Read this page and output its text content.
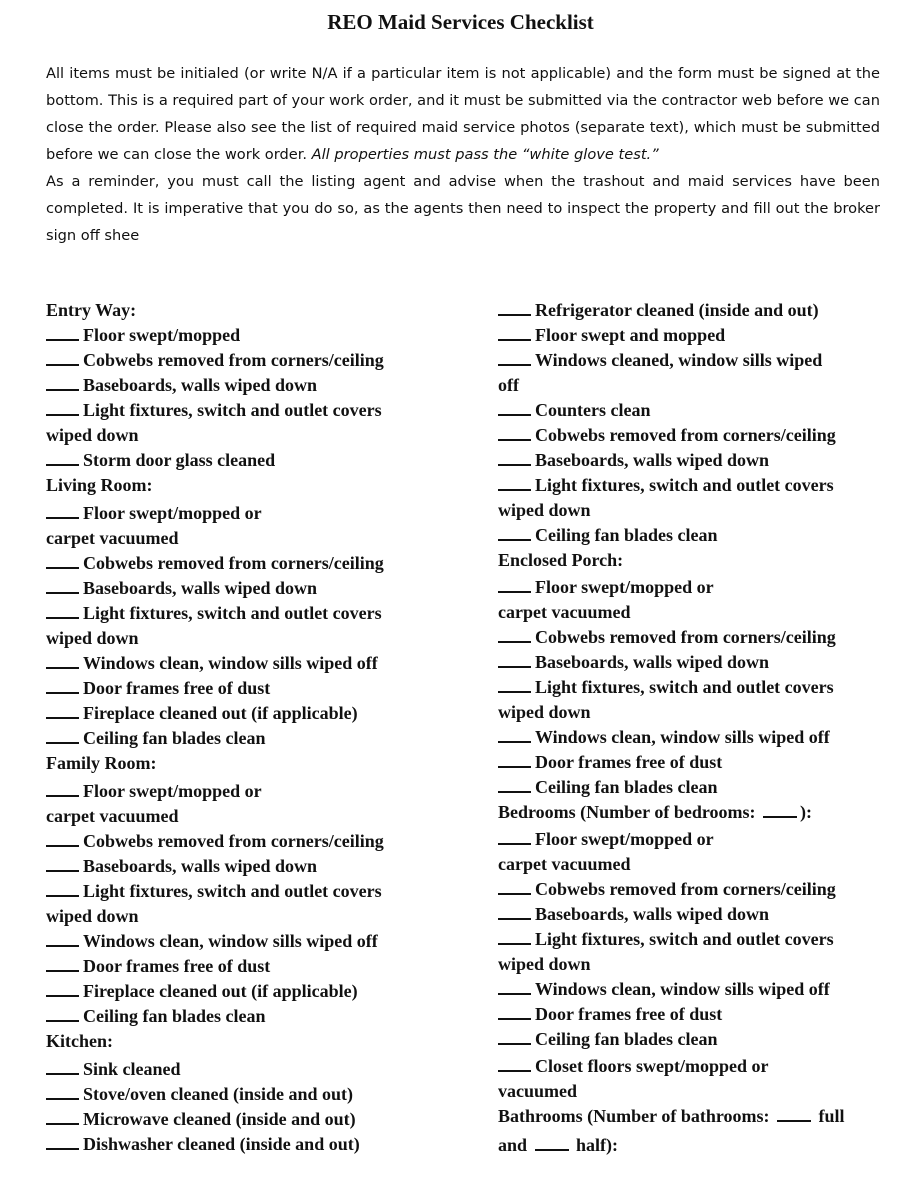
REO Maid Services Checklist

All items must be initialed (or write N/A if a particular item is not applicable) and the form must be signed at the bottom. This is a required part of your work order, and it must be submitted via the contractor web before we can close the order. Please also see the list of required maid service photos (separate text), which must be submitted before we can close the work order. All properties must pass the “white glove test.”

As a reminder, you must call the listing agent and advise when the trashout and maid services have been completed. It is imperative that you do so, as the agents then need to inspect the property and fill out the broker sign off shee

Entry Way:
Floor swept/mopped
Cobwebs removed from corners/ceiling
Baseboards, walls wiped down
Light fixtures, switch and outlet covers
wiped down
Storm door glass cleaned
Living Room:
Floor swept/mopped or
carpet vacuumed
Cobwebs removed from corners/ceiling
Baseboards, walls wiped down
Light fixtures, switch and outlet covers
wiped down
Windows clean, window sills wiped off
Door frames free of dust
Fireplace cleaned out (if applicable)
Ceiling fan blades clean
Family Room:
Floor swept/mopped or
carpet vacuumed
Cobwebs removed from corners/ceiling
Baseboards, walls wiped down
Light fixtures, switch and outlet covers
wiped down
Windows clean, window sills wiped off
Door frames free of dust
Fireplace cleaned out (if applicable)
Ceiling fan blades clean
Kitchen:
Sink cleaned
Stove/oven cleaned (inside and out)
Microwave cleaned (inside and out)
Dishwasher cleaned (inside and out)
Refrigerator cleaned (inside and out)
Floor swept and mopped
Windows cleaned, window sills wiped
off
Counters clean
Cobwebs removed from corners/ceiling
Baseboards, walls wiped down
Light fixtures, switch and outlet covers
wiped down
Ceiling fan blades clean
Enclosed Porch:
Floor swept/mopped or
carpet vacuumed
Cobwebs removed from corners/ceiling
Baseboards, walls wiped down
Light fixtures, switch and outlet covers
wiped down
Windows clean, window sills wiped off
Door frames free of dust
Ceiling fan blades clean
Bedrooms (Number of bedrooms: ):
Floor swept/mopped or
carpet vacuumed
Cobwebs removed from corners/ceiling
Baseboards, walls wiped down
Light fixtures, switch and outlet covers
wiped down
Windows clean, window sills wiped off
Door frames free of dust
Ceiling fan blades clean
Closet floors swept/mopped or
vacuumed
Bathrooms (Number of bathrooms:	full
and	half):
